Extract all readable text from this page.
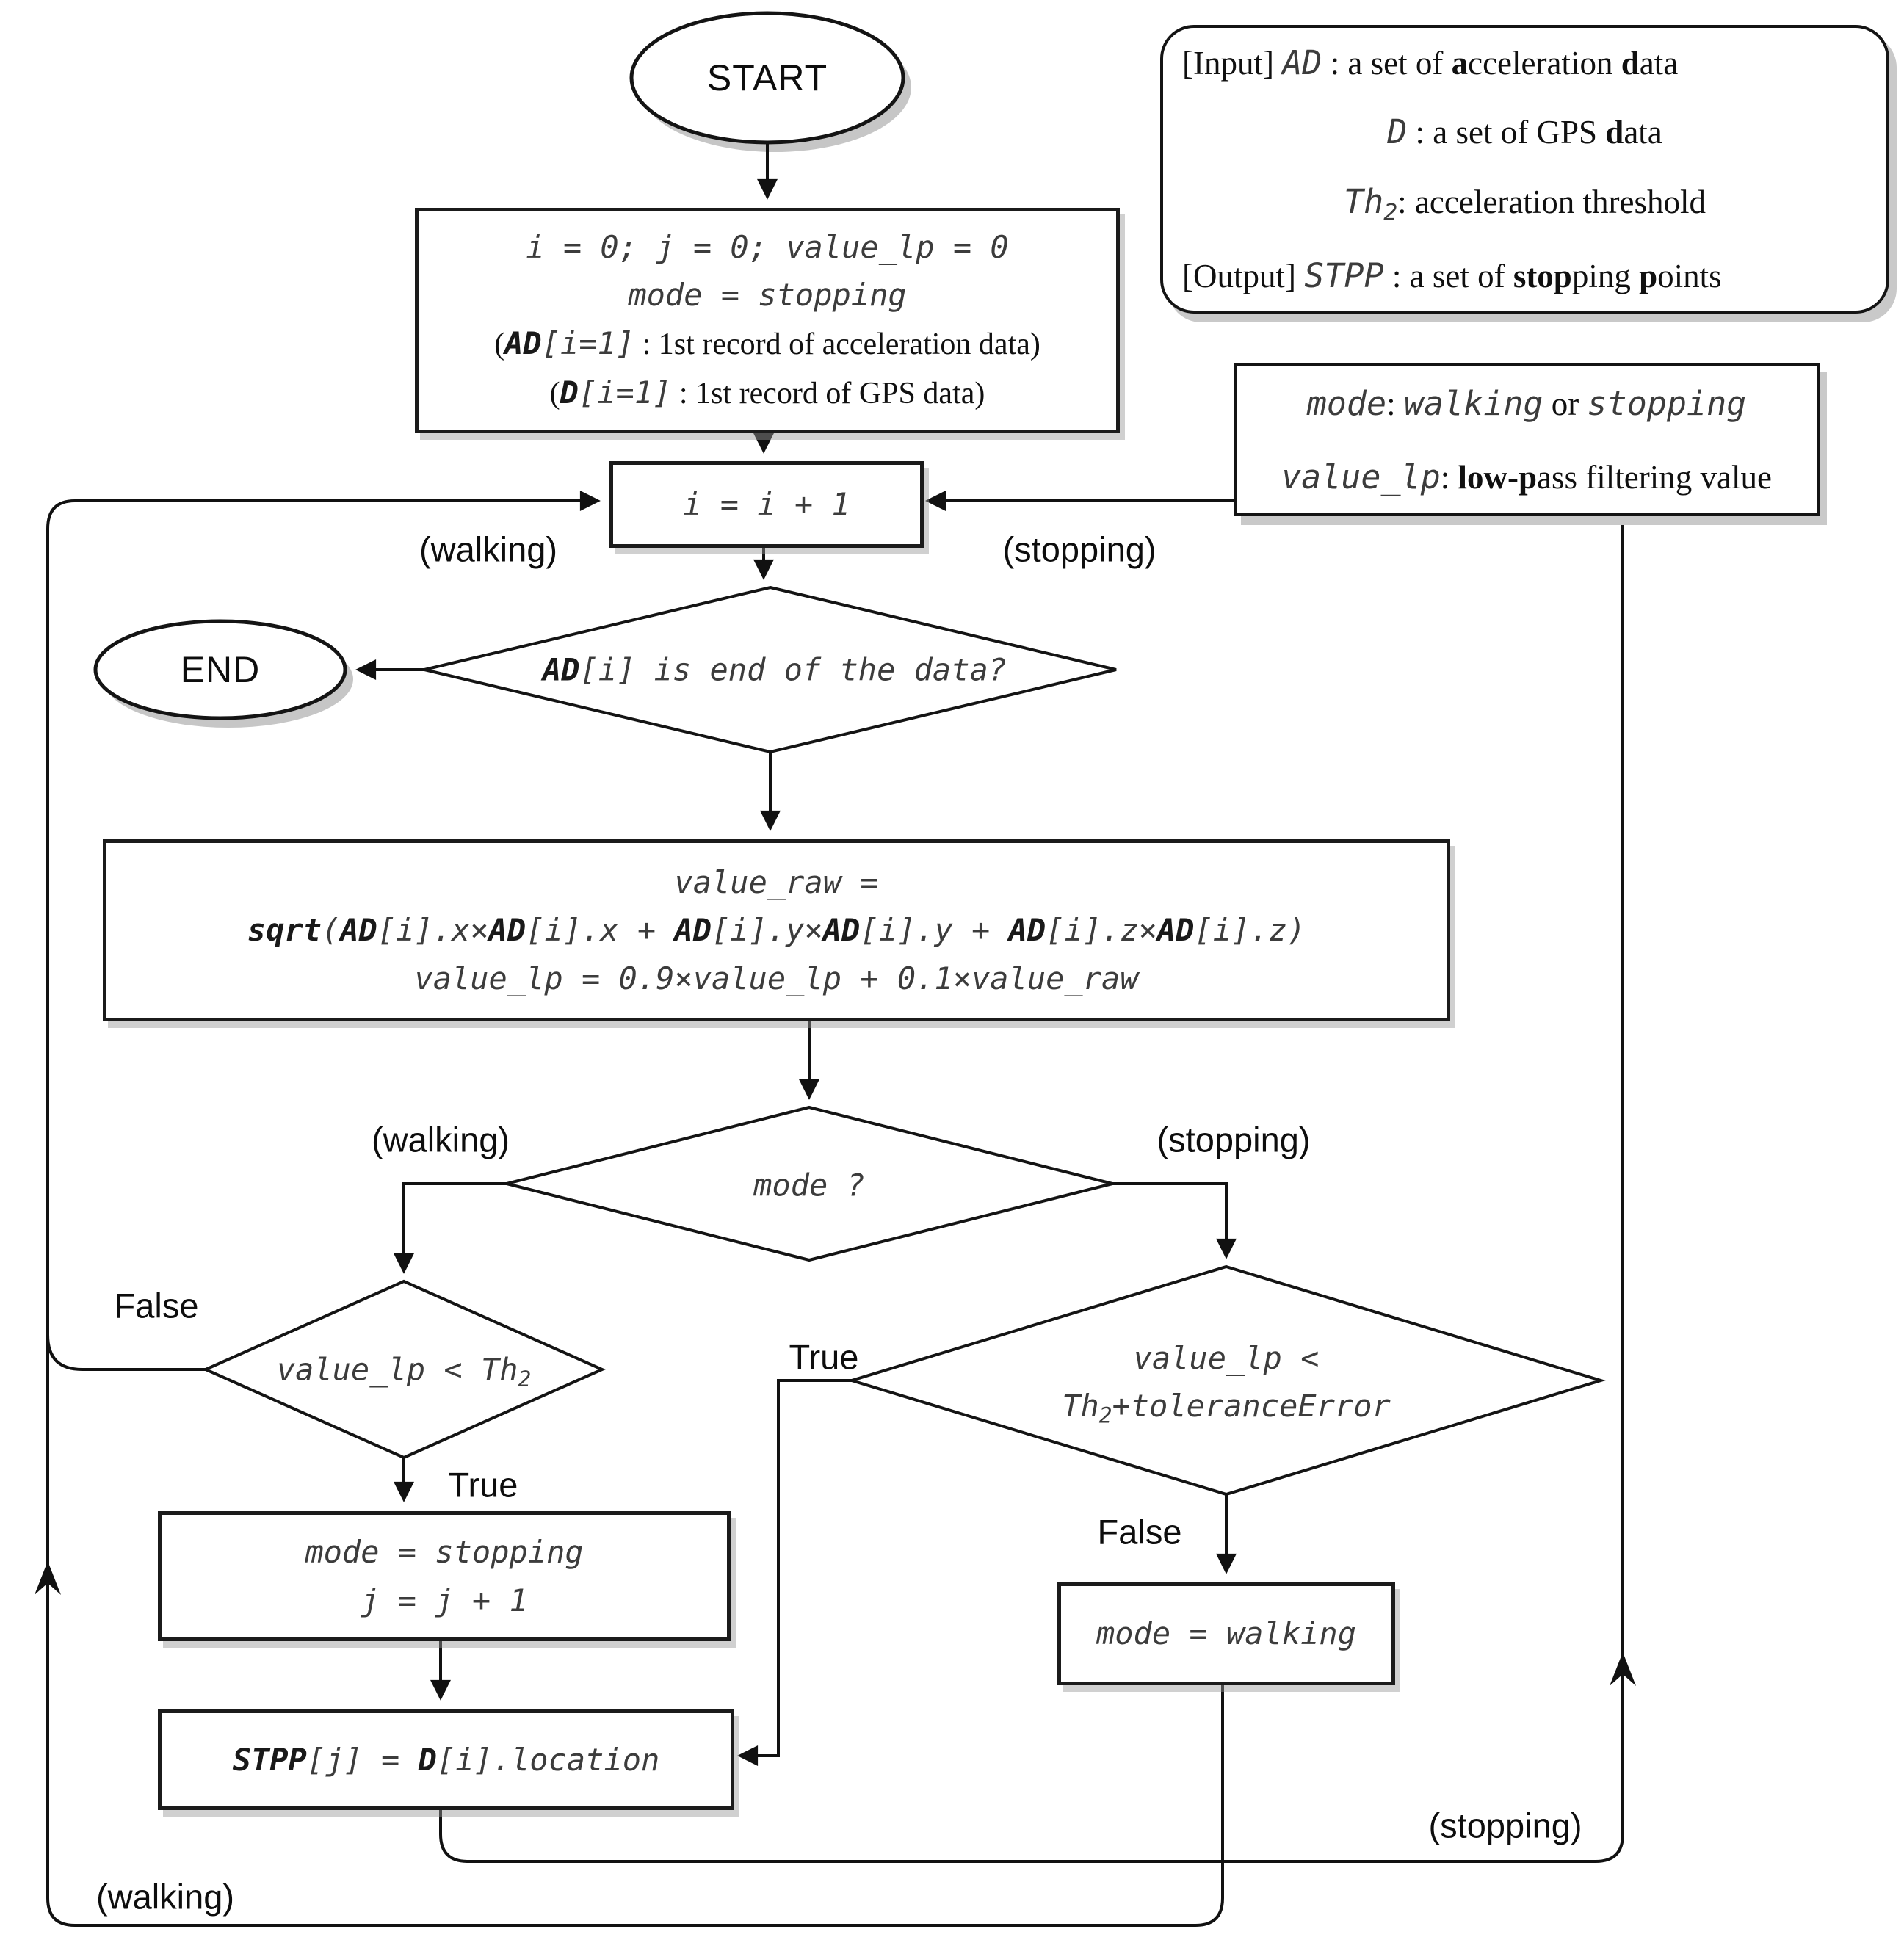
START
END
i = 0; j = 0; value_lp = 0
mode = stopping
(AD[i=1] : 1st record of acceleration data)
(D[i=1] : 1st record of GPS data)
i = i + 1
value_raw =
sqrt(AD[i].x×AD[i].x + AD[i].y×AD[i].y + AD[i].z×AD[i].z)
value_lp = 0.9×value_lp + 0.1×value_raw
mode = stopping
j = j + 1
STPP[j] = D[i].location
mode = walking
AD[i] is end of the data?
mode ?
value_lp < $Th_2$
value_lp <
$Th_2+toleranceError$
(walking)	(stopping)
(walking)	(stopping)
False
True
True
False
(stopping)
(walking)
[Input] AD : a set of acceleration data
D : a set of GPS data
$Th_2$: acceleration threshold
[Output] STPP : a set of stopping points
mode: walking or stopping
value_lp: low-pass filtering value
